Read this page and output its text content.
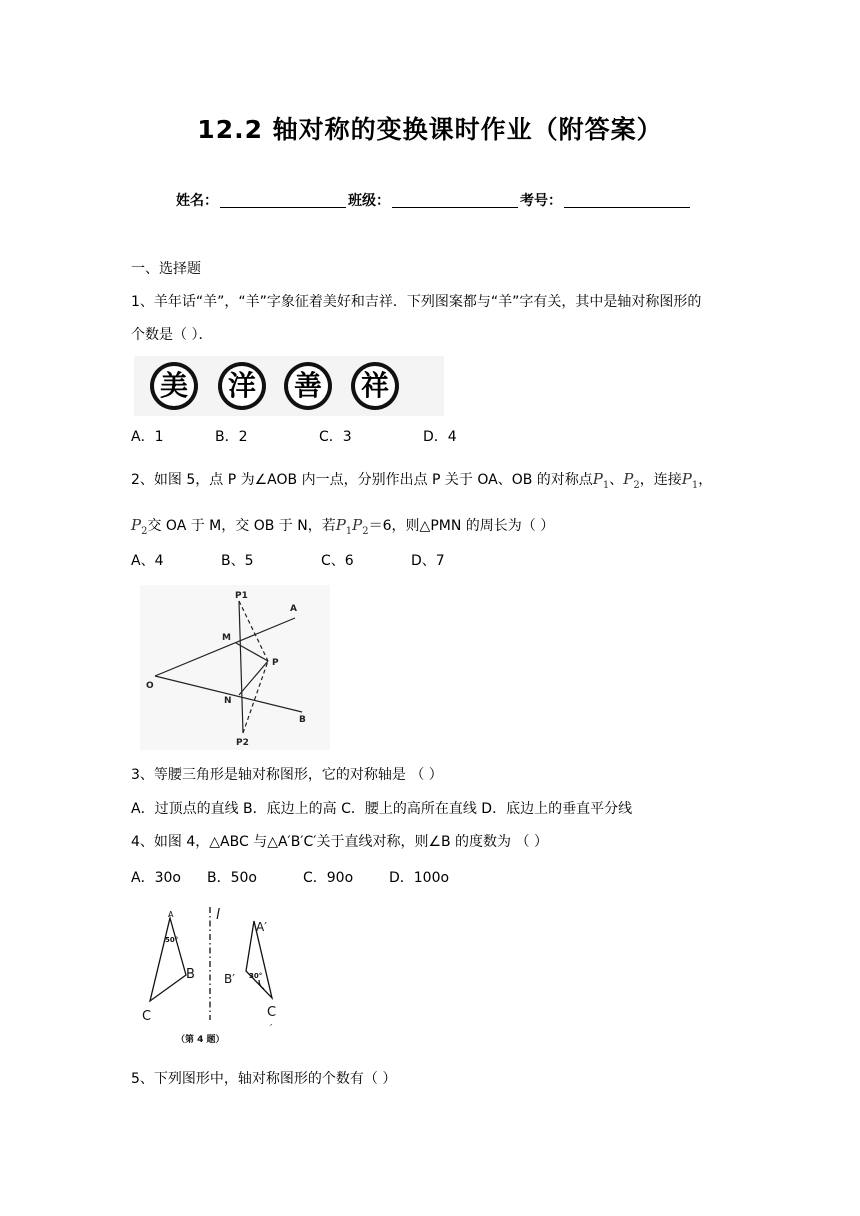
12.2 轴对称的变换课时作业（附答案）
姓名：	班级：	考号：
一、选择题
1、羊年话“羊”，“羊”字象征着美好和吉祥．下列图案都与“羊”字有关，其中是轴对称图形的
个数是（ ）．
美 洋 善 祥
A．1	B．2	C．3	D．4
2、如图 5，点 P 为∠AOB 内一点，分别作出点 P 关于 OA、OB 的对称点$P_1$、$P_2$，连接$P_1$，
$P_2$交 OA 于 M，交 OB 于 N，若$P_1P_2=6$，则△PMN 的周长为（ ）
A、4	B、5	C、6	D、7
P1
A
M
P
O
N
B
P2
3、等腰三角形是轴对称图形，它的对称轴是 （ ）
A．过顶点的直线 B．底边上的高 C．腰上的高所在直线 D．底边上的垂直平分线
4、如图 4，△ABC 与△A′B′C′关于直线对称，则∠B 的度数为 （ ）
A．30o B．50o	C．90o	D．100o
A
50°
B
C
l
A′
30°
B′
C
′
（第 4 题）
5、下列图形中，轴对称图形的个数有（ ）
